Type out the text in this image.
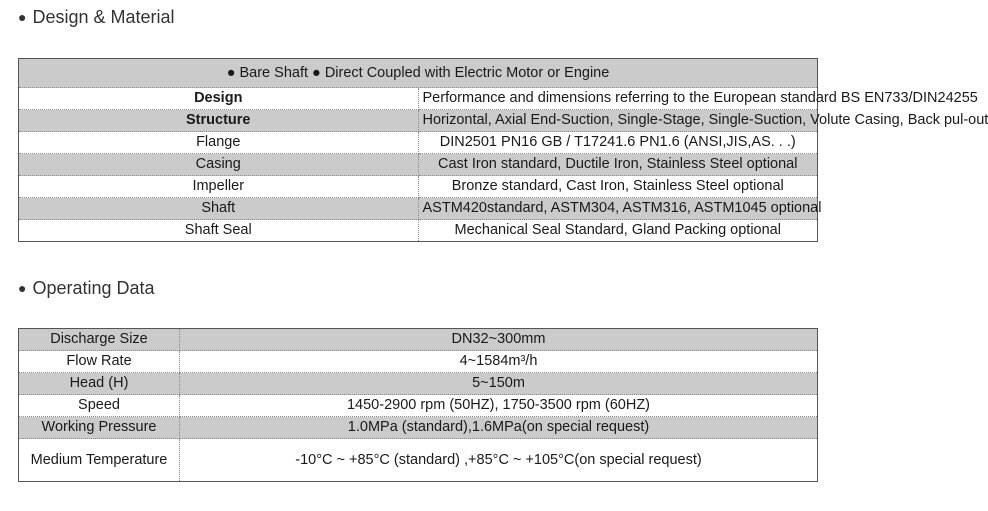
● Design & Material
● Bare Shaft ● Direct Coupled with Electric Motor or Engine	
Design	Performance and dimensions referring to the European standard BS EN733/DIN24255
Structure	Horizontal, Axial End-Suction, Single-Stage, Single-Suction, Volute Casing, Back pul-out
Flange	DIN2501 PN16 GB / T17241.6 PN1.6 (ANSI,JIS,AS. . .)
Casing	Cast Iron standard, Ductile Iron, Stainless Steel optional
Impeller	Bronze standard, Cast Iron, Stainless Steel optional
Shaft	ASTM420standard, ASTM304, ASTM316, ASTM1045 optional
Shaft Seal	Mechanical Seal Standard, Gland Packing optional
● Operating Data
Discharge Size	DN32~300mm
Flow Rate	4~1584m³/h
Head (H)	5~150m
Speed	1450-2900 rpm (50HZ), 1750-3500 rpm (60HZ)
Working Pressure	1.0MPa (standard),1.6MPa(on special request)
Medium Temperature	-10°C ~ +85°C (standard) ,+85°C ~ +105°C(on special request)
